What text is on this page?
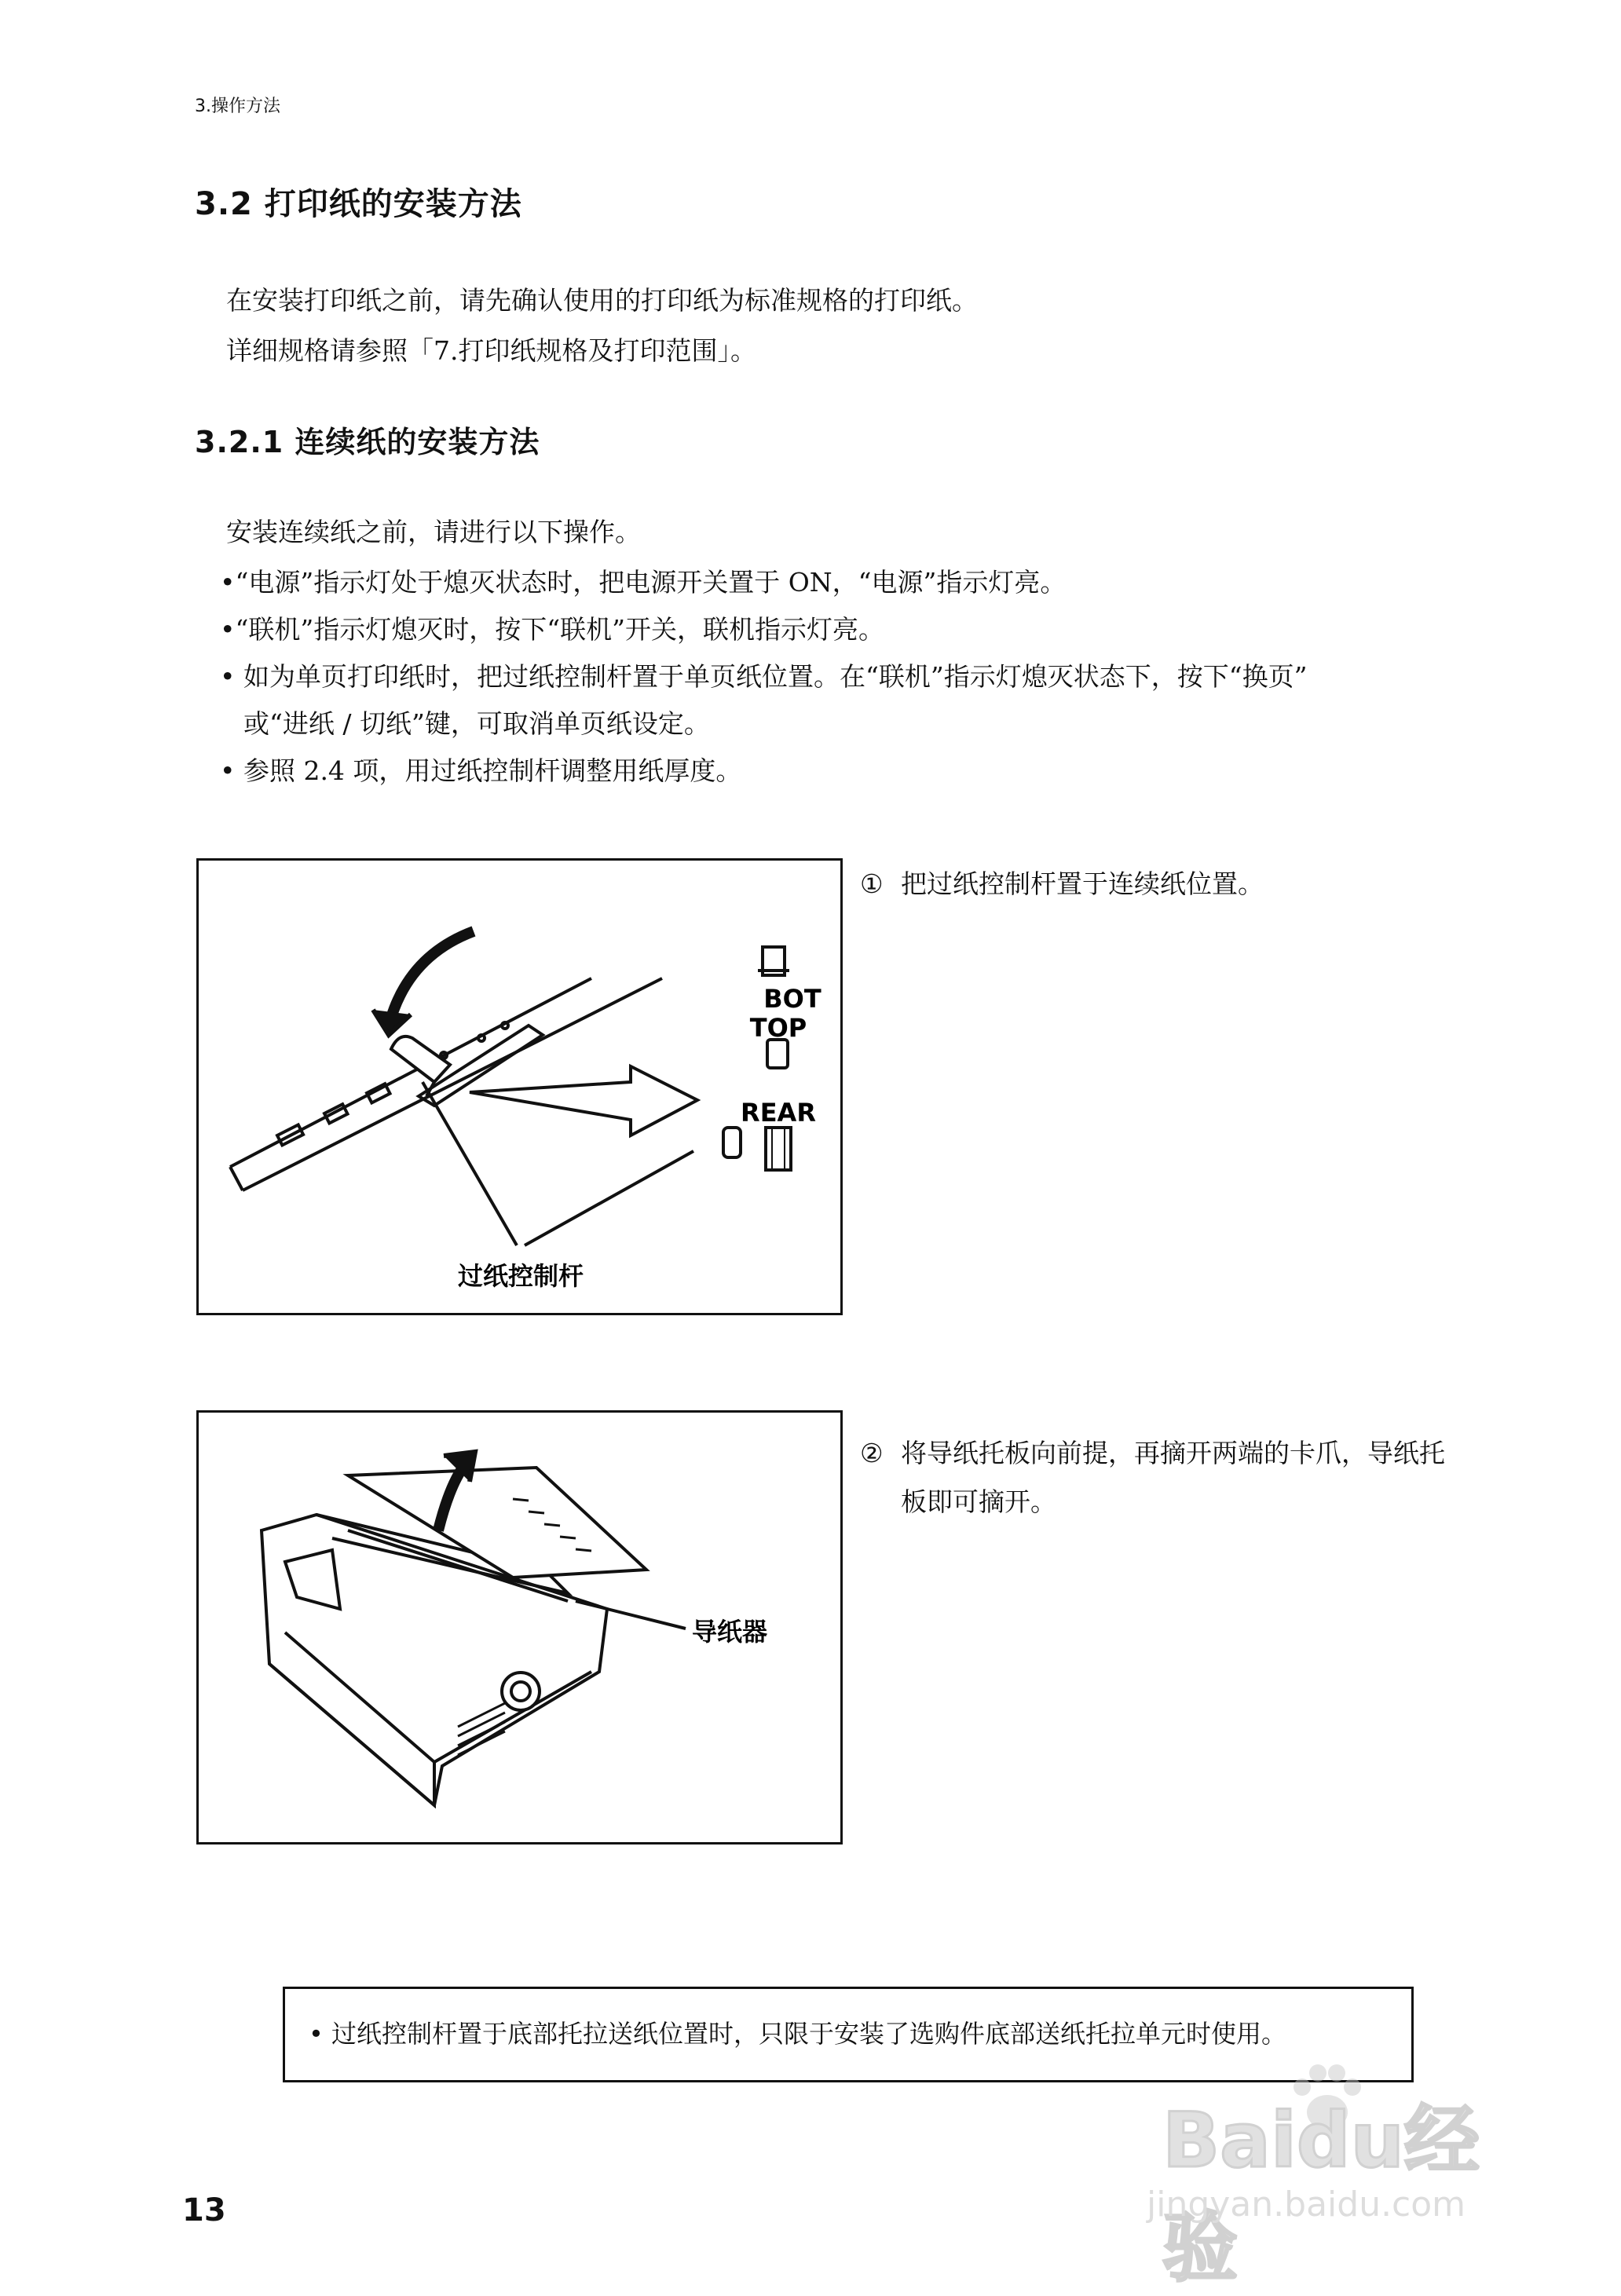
3.操作方法
3.2 打印纸的安装方法
在安装打印纸之前，请先确认使用的打印纸为标准规格的打印纸。
详细规格请参照「7.打印纸规格及打印范围」。
3.2.1 连续纸的安装方法
安装连续纸之前，请进行以下操作。
•“电源”指示灯处于熄灭状态时，把电源开关置于 ON，“电源”指示灯亮。
•“联机”指示灯熄灭时，按下“联机”开关，联机指示灯亮。
• 如为单页打印纸时，把过纸控制杆置于单页纸位置。在“联机”指示灯熄灭状态下，按下“换页”
或“进纸 / 切纸”键，可取消单页纸设定。
• 参照 2.4 项，用过纸控制杆调整用纸厚度。
BOT
TOP
REAR
过纸控制杆
① 把过纸控制杆置于连续纸位置。
导纸器
② 将导纸托板向前提，再摘开两端的卡爪，导纸托
板即可摘开。
• 过纸控制杆置于底部托拉送纸位置时，只限于安装了选购件底部送纸托拉单元时使用。
13
Baidu经验
jingyan.baidu.com
